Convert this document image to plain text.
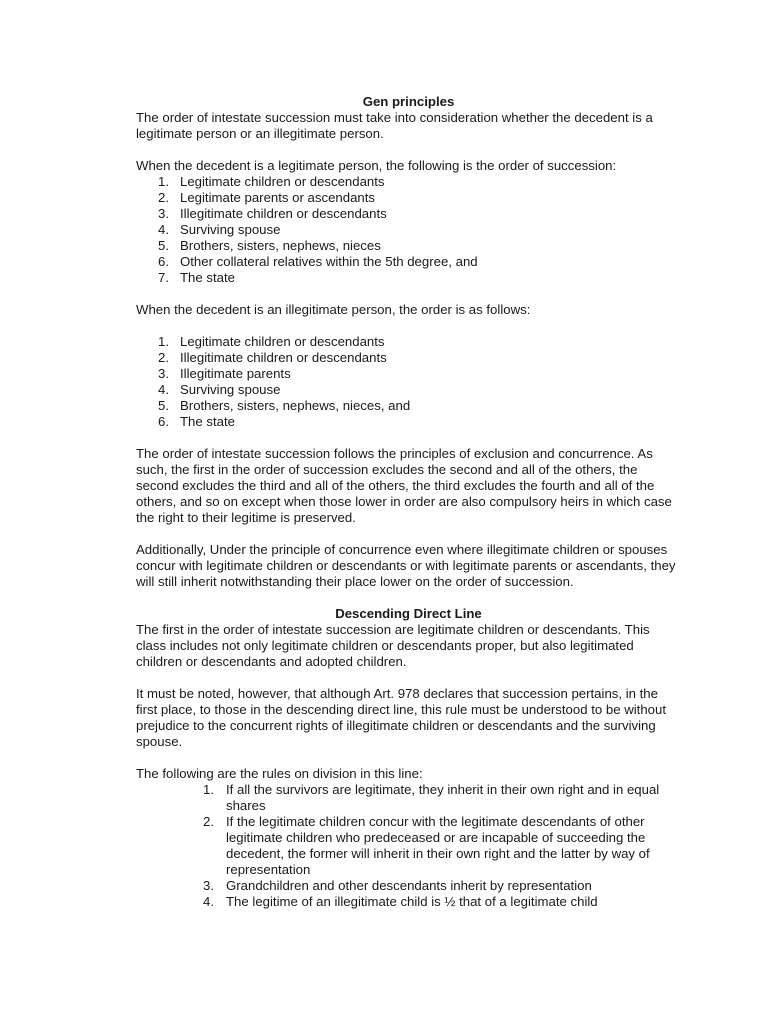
Gen principles

The order of intestate succession must take into consideration whether the decedent is a legitimate person or an illegitimate person.

When the decedent is a legitimate person, the following is the order of succession:

1. Legitimate children or descendants
2. Legitimate parents or ascendants
3. Illegitimate children or descendants
4. Surviving spouse
5. Brothers, sisters, nephews, nieces
6. Other collateral relatives within the 5th degree, and
7. The state

When the decedent is an illegitimate person, the order is as follows:

1. Legitimate children or descendants
2. Illegitimate children or descendants
3. Illegitimate parents
4. Surviving spouse
5. Brothers, sisters, nephews, nieces, and
6. The state

The order of intestate succession follows the principles of exclusion and concurrence. As such, the first in the order of succession excludes the second and all of the others, the second excludes the third and all of the others, the third excludes the fourth and all of the others, and so on except when those lower in order are also compulsory heirs in which case the right to their legitime is preserved.

Additionally, Under the principle of concurrence even where illegitimate children or spouses concur with legitimate children or descendants or with legitimate parents or ascendants, they will still inherit notwithstanding their place lower on the order of succession.

Descending Direct Line

The first in the order of intestate succession are legitimate children or descendants. This class includes not only legitimate children or descendants proper, but also legitimated children or descendants and adopted children.

It must be noted, however, that although Art. 978 declares that succession pertains, in the first place, to those in the descending direct line, this rule must be understood to be without prejudice to the concurrent rights of illegitimate children or descendants and the surviving spouse.

The following are the rules on division in this line:

1. If all the survivors are legitimate, they inherit in their own right and in equal shares
2. If the legitimate children concur with the legitimate descendants of other legitimate children who predeceased or are incapable of succeeding the decedent, the former will inherit in their own right and the latter by way of representation
3. Grandchildren and other descendants inherit by representation
4. The legitime of an illegitimate child is ½ that of a legitimate child
